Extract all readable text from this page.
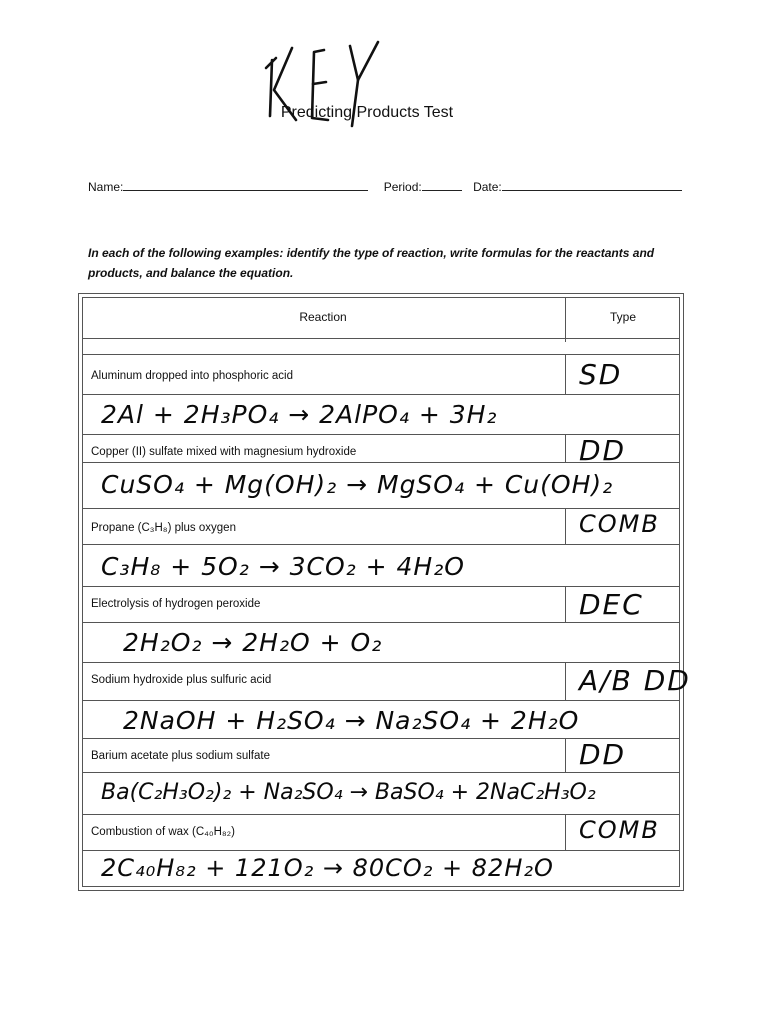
Predicting Products Test
Name:	Period:	Date:
In each of the following examples: identify the type of reaction, write formulas for the reactants and products, and balance the equation.
Reaction	Type
Aluminum dropped into phosphoric acid	SD
2Al + 2H₃PO₄ → 2AlPO₄ + 3H₂
Copper (II) sulfate mixed with magnesium hydroxide	DD
CuSO₄ + Mg(OH)₂ → MgSO₄ + Cu(OH)₂
Propane (C₃H₈) plus oxygen	COMB
C₃H₈ + 5O₂ → 3CO₂ + 4H₂O
Electrolysis of hydrogen peroxide	DEC
2H₂O₂ → 2H₂O + O₂
Sodium hydroxide plus sulfuric acid	A/B DD
2NaOH + H₂SO₄ → Na₂SO₄ + 2H₂O
Barium acetate plus sodium sulfate	DD
Ba(C₂H₃O₂)₂ + Na₂SO₄ → BaSO₄ + 2NaC₂H₃O₂
Combustion of wax (C₄₀H₈₂)	COMB
2C₄₀H₈₂ + 121O₂ → 80CO₂ + 82H₂O
